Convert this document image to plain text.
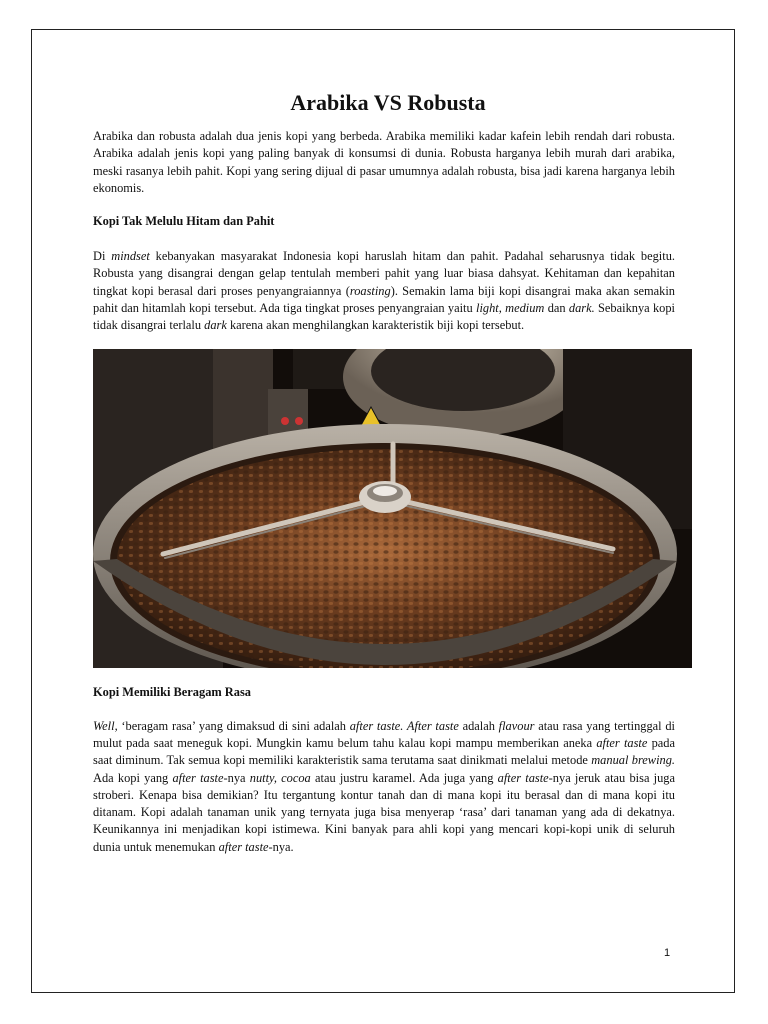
Arabika VS Robusta

Arabika dan robusta adalah dua jenis kopi yang berbeda. Arabika memiliki kadar kafein lebih rendah dari robusta. Arabika adalah jenis kopi yang paling banyak di konsumsi di dunia. Robusta harganya lebih murah dari arabika, meski rasanya lebih pahit. Kopi yang sering dijual di pasar umumnya adalah robusta, bisa jadi karena harganya lebih ekonomis.

Kopi Tak Melulu Hitam dan Pahit

Di mindset kebanyakan masyarakat Indonesia kopi haruslah hitam dan pahit. Padahal seharusnya tidak begitu. Robusta yang disangrai dengan gelap tentulah memberi pahit yang luar biasa dahsyat. Kehitaman dan kepahitan tingkat kopi berasal dari proses penyangraiannya (roasting). Semakin lama biji kopi disangrai maka akan semakin pahit dan hitamlah kopi tersebut. Ada tiga tingkat proses penyangraian yaitu light, medium dan dark. Sebaiknya kopi tidak disangrai terlalu dark karena akan menghilangkan karakteristik biji kopi tersebut.

Kopi Memiliki Beragam Rasa

Well, ‘beragam rasa’ yang dimaksud di sini adalah after taste. After taste adalah flavour atau rasa yang tertinggal di mulut pada saat meneguk kopi. Mungkin kamu belum tahu kalau kopi mampu memberikan aneka after taste pada saat diminum. Tak semua kopi memiliki karakteristik sama terutama saat dinikmati melalui metode manual brewing. Ada kopi yang after taste-nya nutty, cocoa atau justru karamel. Ada juga yang after taste-nya jeruk atau bisa juga stroberi. Kenapa bisa demikian? Itu tergantung kontur tanah dan di mana kopi itu berasal dan di mana kopi itu ditanam. Kopi adalah tanaman unik yang ternyata juga bisa menyerap ‘rasa’ dari tanaman yang ada di dekatnya. Keunikannya ini menjadikan kopi istimewa. Kini banyak para ahli kopi yang mencari kopi-kopi unik di seluruh dunia untuk menemukan after taste-nya.

1
